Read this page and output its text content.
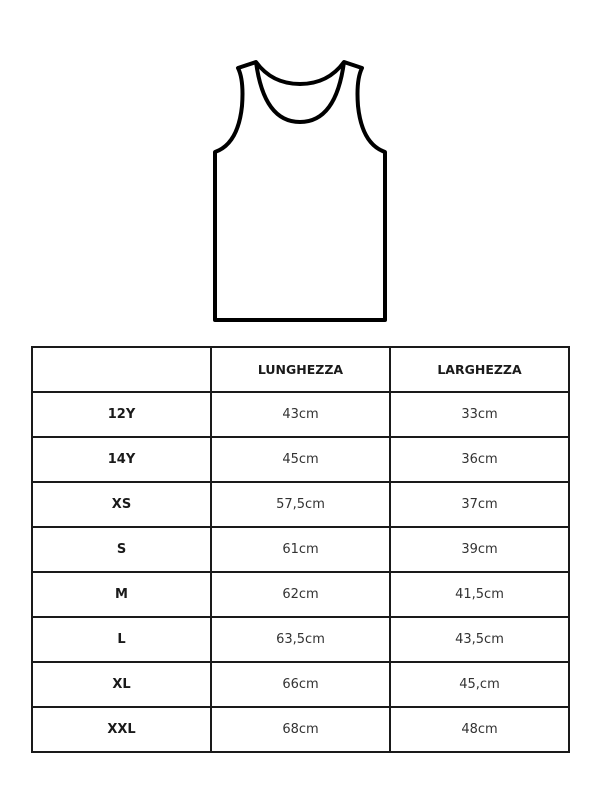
	LUNGHEZZA	LARGHEZZA
12Y	43cm	33cm
14Y	45cm	36cm
XS	57,5cm	37cm
S	61cm	39cm
M	62cm	41,5cm
L	63,5cm	43,5cm
XL	66cm	45,cm
XXL	68cm	48cm
